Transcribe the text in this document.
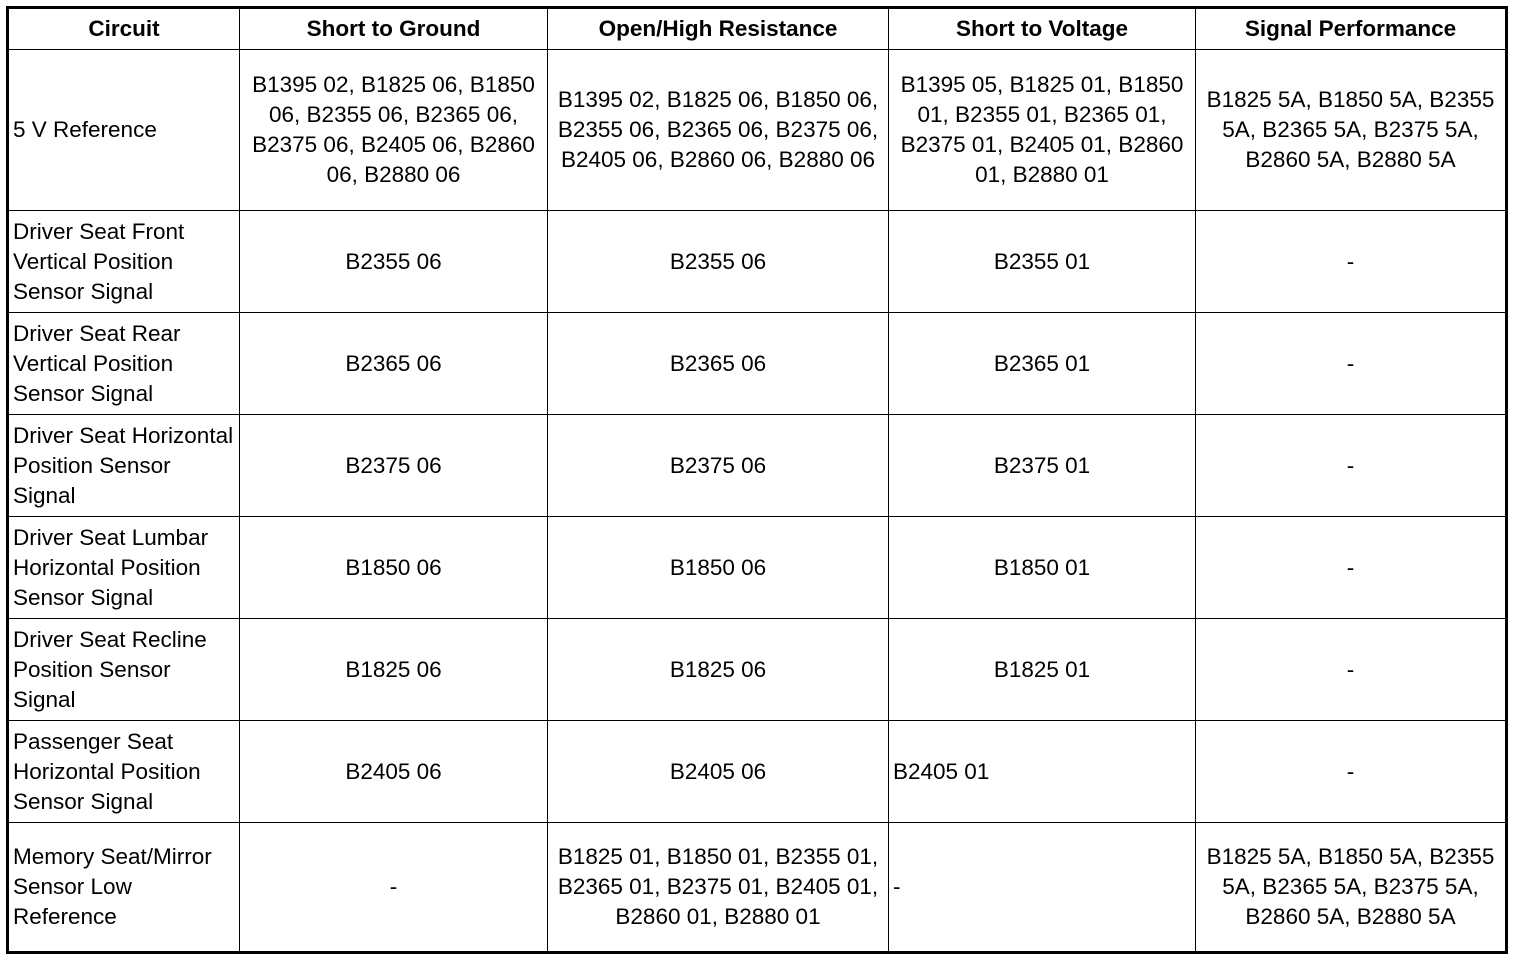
Circuit	Short to Ground	Open/High Resistance	Short to Voltage	Signal Performance
5 V Reference	B1395 02, B1825 06, B1850 06, B2355 06, B2365 06, B2375 06, B2405 06, B2860 06, B2880 06	B1395 02, B1825 06, B1850 06, B2355 06, B2365 06, B2375 06, B2405 06, B2860 06, B2880 06	B1395 05, B1825 01, B1850 01, B2355 01, B2365 01, B2375 01, B2405 01, B2860 01, B2880 01	B1825 5A, B1850 5A, B2355 5A, B2365 5A, B2375 5A, B2860 5A, B2880 5A
Driver Seat Front Vertical Position Sensor Signal	B2355 06	B2355 06	B2355 01	-
Driver Seat Rear Vertical Position Sensor Signal	B2365 06	B2365 06	B2365 01	-
Driver Seat Horizontal Position Sensor Signal	B2375 06	B2375 06	B2375 01	-
Driver Seat Lumbar Horizontal Position Sensor Signal	B1850 06	B1850 06	B1850 01	-
Driver Seat Recline Position Sensor Signal	B1825 06	B1825 06	B1825 01	-
Passenger Seat Horizontal Position Sensor Signal	B2405 06	B2405 06	B2405 01	-
Memory Seat/Mirror Sensor Low Reference	-	B1825 01, B1850 01, B2355 01, B2365 01, B2375 01, B2405 01, B2860 01, B2880 01	-	B1825 5A, B1850 5A, B2355 5A, B2365 5A, B2375 5A, B2860 5A, B2880 5A
